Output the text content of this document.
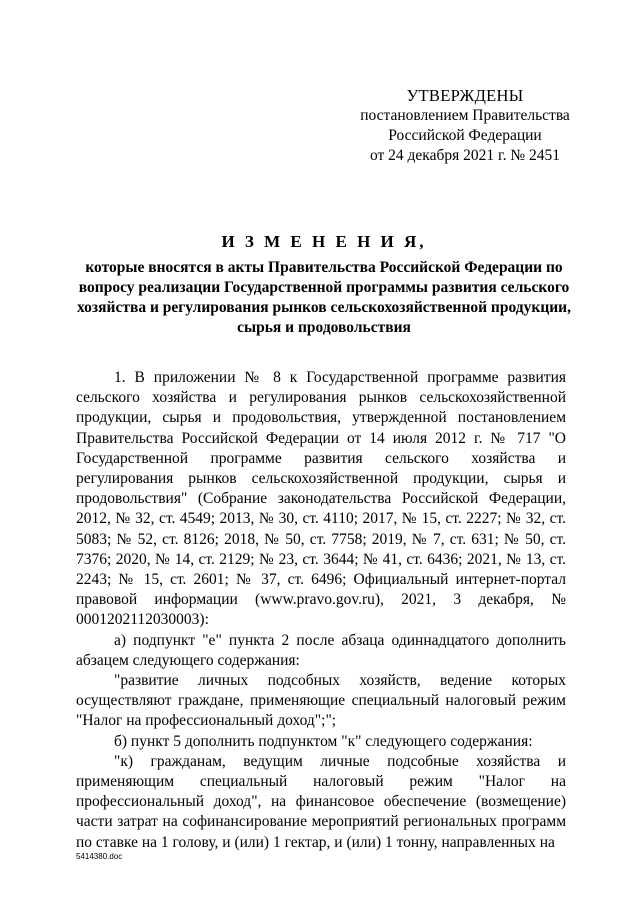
УТВЕРЖДЕНЫ
постановлением Правительства
Российской Федерации
от 24 декабря 2021 г. № 2451
И З М Е Н Е Н И Я,
которые вносятся в акты Правительства Российской Федерации по вопросу реализации Государственной программы развития сельского хозяйства и регулирования рынков сельскохозяйственной продукции, сырья и продовольствия

1. В приложении № 8 к Государственной программе развития сельского хозяйства и регулирования рынков сельскохозяйственной продукции, сырья и продовольствия, утвержденной постановлением Правительства Российской Федерации от 14 июля 2012 г. № 717 "О Государственной программе развития сельского хозяйства и регулирования рынков сельскохозяйственной продукции, сырья и продовольствия" (Собрание законодательства Российской Федерации, 2012, № 32, ст. 4549; 2013, № 30, ст. 4110; 2017, № 15, ст. 2227; № 32, ст. 5083; № 52, ст. 8126; 2018, № 50, ст. 7758; 2019, № 7, ст. 631; № 50, ст. 7376; 2020, № 14, ст. 2129; № 23, ст. 3644; № 41, ст. 6436; 2021, № 13, ст. 2243; № 15, ст. 2601; № 37, ст. 6496; Официальный интернет-портал правовой информации (www.pravo.gov.ru), 2021, 3 декабря, № 0001202112030003):

а) подпункт "е" пункта 2 после абзаца одиннадцатого дополнить абзацем следующего содержания:

"развитие личных подсобных хозяйств, ведение которых осуществляют граждане, применяющие специальный налоговый режим "Налог на профессиональный доход";";

б) пункт 5 дополнить подпунктом "к" следующего содержания:

"к) гражданам, ведущим личные подсобные хозяйства и применяющим специальный налоговый режим "Налог на профессиональный доход", на финансовое обеспечение (возмещение) части затрат на софинансирование мероприятий региональных программ по ставке на 1 голову, и (или) 1 гектар, и (или) 1 тонну, направленных на

5414380.doc
